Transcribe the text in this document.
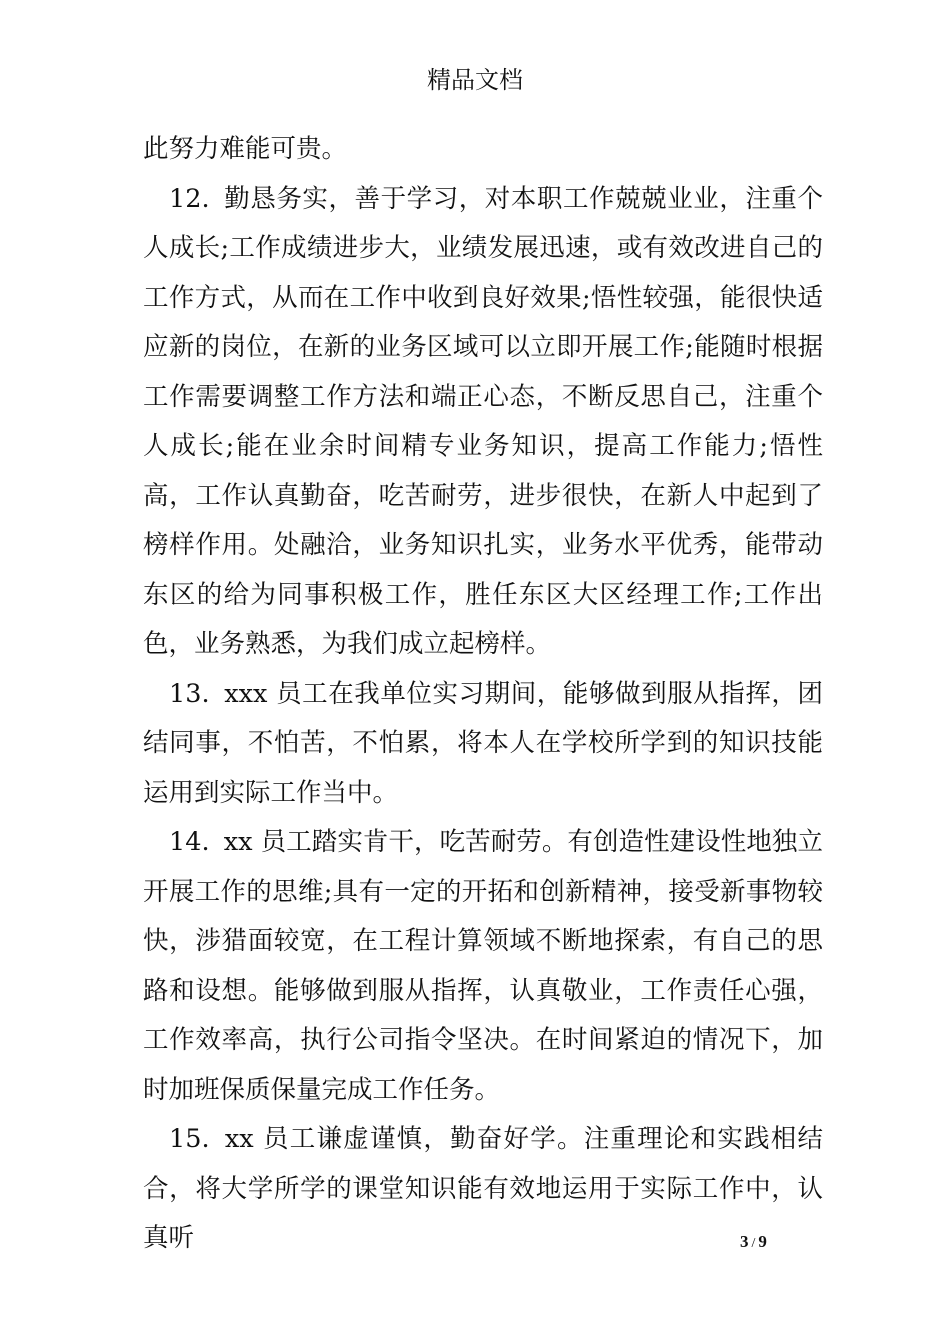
精品文档

此努力难能可贵。

12. 勤恳务实，善于学习，对本职工作兢兢业业，注重个人成长;工作成绩进步大，业绩发展迅速，或有效改进自己的工作方式，从而在工作中收到良好效果;悟性较强，能很快适应新的岗位，在新的业务区域可以立即开展工作;能随时根据工作需要调整工作方法和端正心态，不断反思自己，注重个人成长;能在业余时间精专业务知识，提高工作能力;悟性高，工作认真勤奋，吃苦耐劳，进步很快，在新人中起到了榜样作用。处融洽，业务知识扎实，业务水平优秀，能带动东区的给为同事积极工作，胜任东区大区经理工作;工作出色，业务熟悉，为我们成立起榜样。

13. xxx 员工在我单位实习期间，能够做到服从指挥，团结同事，不怕苦，不怕累，将本人在学校所学到的知识技能运用到实际工作当中。

14. xx 员工踏实肯干，吃苦耐劳。有创造性建设性地独立开展工作的思维;具有一定的开拓和创新精神，接受新事物较快，涉猎面较宽，在工程计算领域不断地探索，有自己的思路和设想。能够做到服从指挥，认真敬业，工作责任心强，工作效率高，执行公司指令坚决。在时间紧迫的情况下，加时加班保质保量完成工作任务。

15. xx 员工谦虚谨慎，勤奋好学。注重理论和实践相结合，将大学所学的课堂知识能有效地运用于实际工作中，认真听	3 / 9
